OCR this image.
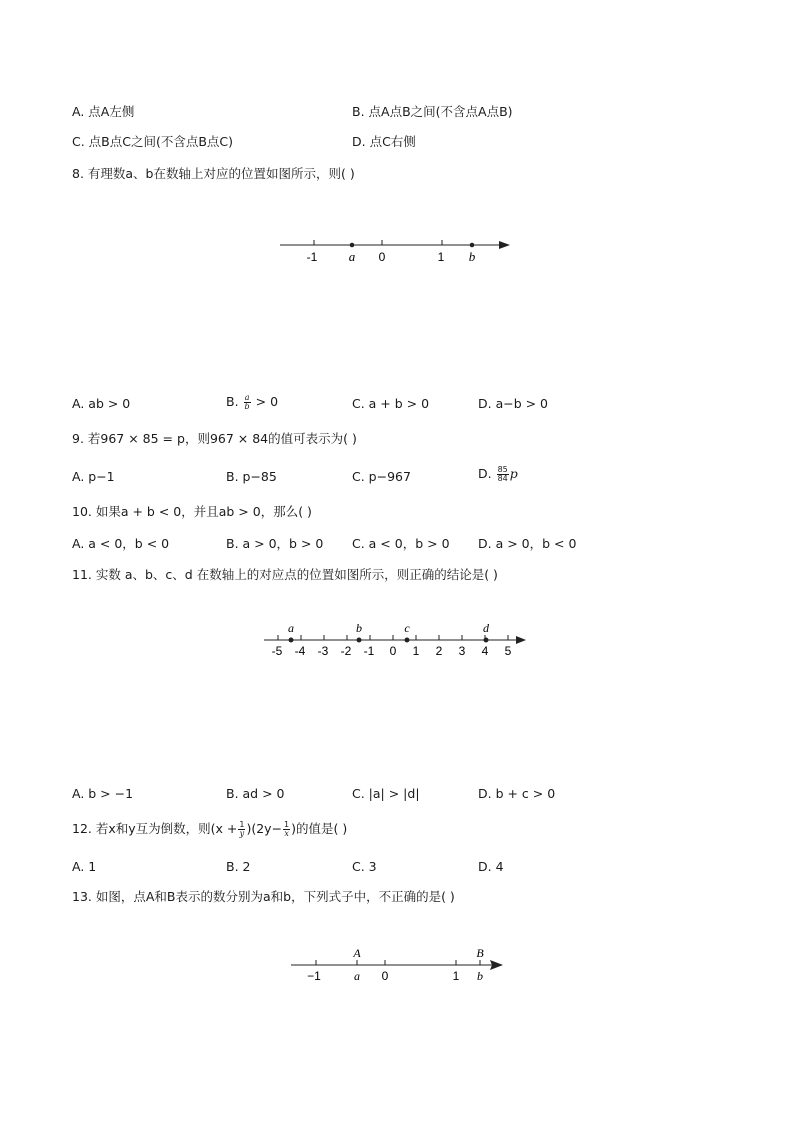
A. 点A左侧	B. 点A点B之间(不含点A点B)
C. 点B点C之间(不含点B点C)	D. 点C右侧
8. 有理数a、b在数轴上对应的位置如图所示，则( )
-1	0	1
a	b
A. ab > 0	B. $\frac{a}{b} > 0$	C. a + b > 0	D. a−b > 0
9. 若967 × 85 = p，则967 × 84的值可表示为( )
A. p−1	B. p−85	C. p−967	D. $\frac{85}{84}$ p
10. 如果a + b < 0，并且ab > 0，那么( )
A. a < 0，b < 0	B. a > 0，b > 0 C. a < 0，b > 0 D. a > 0，b < 0
11. 实数 a、b、c、d 在数轴上的对应点的位置如图所示，则正确的结论是( )
a	b	c	d
-5 -4 -3 -2 -1 0 1 2 3 4 5
A. b > −1	B. ad > 0	C. |a| > |d|	D. b + c > 0
12. 若x和y互为倒数，则$(x + \frac{1}{y} )(2y- \frac{1}{x}$ )的值是( )
A. 1	B. 2	C. 3	D. 4
13. 如图，点A和B表示的数分别为a和b，下列式子中，不正确的是( )
A	B
−1	0	1
a	b
